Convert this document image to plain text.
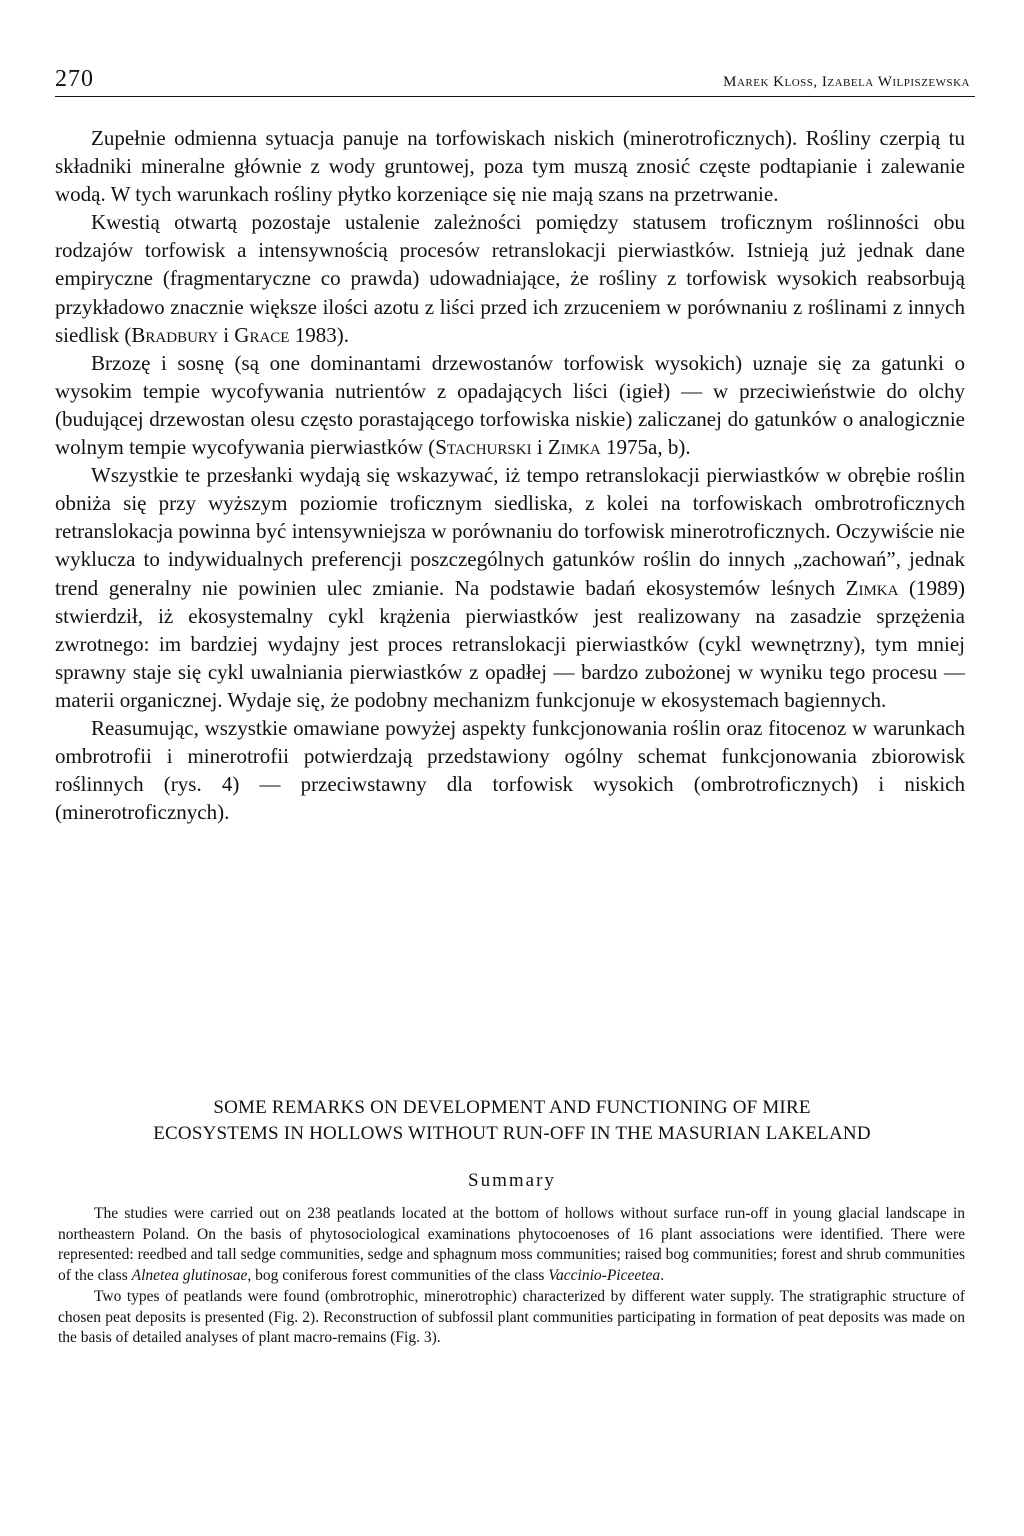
270	Marek Kloss, Izabela Wilpiszewska

Zupełnie odmienna sytuacja panuje na torfowiskach niskich (minerotroficznych). Rośliny czerpią tu składniki mineralne głównie z wody gruntowej, poza tym muszą znosić częste podtapianie i zalewanie wodą. W tych warunkach rośliny płytko korzeniące się nie mają szans na przetrwanie.

Kwestią otwartą pozostaje ustalenie zależności pomiędzy statusem troficznym roślinności obu rodzajów torfowisk a intensywnością procesów retranslokacji pierwiastków. Istnieją już jednak dane empiryczne (fragmentaryczne co prawda) udowadniające, że rośliny z torfowisk wysokich reabsorbują przykładowo znacznie większe ilości azotu z liści przed ich zrzuceniem w porównaniu z roślinami z innych siedlisk (Bradbury i Grace 1983).

Brzozę i sosnę (są one dominantami drzewostanów torfowisk wysokich) uznaje się za gatunki o wysokim tempie wycofywania nutrientów z opadających liści (igieł) — w przeciwieństwie do olchy (budującej drzewostan olesu często porastającego torfowiska niskie) zaliczanej do gatunków o analogicznie wolnym tempie wycofywania pierwiastków (Stachurski i Zimka 1975a, b).

Wszystkie te przesłanki wydają się wskazywać, iż tempo retranslokacji pierwiastków w obrębie roślin obniża się przy wyższym poziomie troficznym siedliska, z kolei na torfowiskach ombrotroficznych retranslokacja powinna być intensywniejsza w porównaniu do torfowisk minerotroficznych. Oczywiście nie wyklucza to indywidualnych preferencji poszczególnych gatunków roślin do innych „zachowań”, jednak trend generalny nie powinien ulec zmianie. Na podstawie badań ekosystemów leśnych Zimka (1989) stwierdził, iż ekosystemalny cykl krążenia pierwiastków jest realizowany na zasadzie sprzężenia zwrotnego: im bardziej wydajny jest proces retranslokacji pierwiastków (cykl wewnętrzny), tym mniej sprawny staje się cykl uwalniania pierwiastków z opadłej — bardzo zubożonej w wyniku tego procesu — materii organicznej. Wydaje się, że podobny mechanizm funkcjonuje w ekosystemach bagiennych.

Reasumując, wszystkie omawiane powyżej aspekty funkcjonowania roślin oraz fitocenoz w warunkach ombrotrofii i minerotrofii potwierdzają przedstawiony ogólny schemat funkcjonowania zbiorowisk roślinnych (rys. 4) — przeciwstawny dla torfowisk wysokich (ombrotroficznych) i niskich (minerotroficznych).

SOME REMARKS ON DEVELOPMENT AND FUNCTIONING OF MIRE
ECOSYSTEMS IN HOLLOWS WITHOUT RUN-OFF IN THE MASURIAN LAKELAND
Summary

The studies were carried out on 238 peatlands located at the bottom of hollows without surface run-off in young glacial landscape in northeastern Poland. On the basis of phytosociological examinations phytocoenoses of 16 plant associations were identified. There were represented: reedbed and tall sedge communities, sedge and sphagnum moss communities; raised bog communities; forest and shrub communities of the class Alnetea glutinosae, bog coniferous forest communities of the class Vaccinio-Piceetea.

Two types of peatlands were found (ombrotrophic, minerotrophic) characterized by different water supply. The stratigraphic structure of chosen peat deposits is presented (Fig. 2). Reconstruction of subfossil plant communities participating in formation of peat deposits was made on the basis of detailed analyses of plant macro-remains (Fig. 3).
